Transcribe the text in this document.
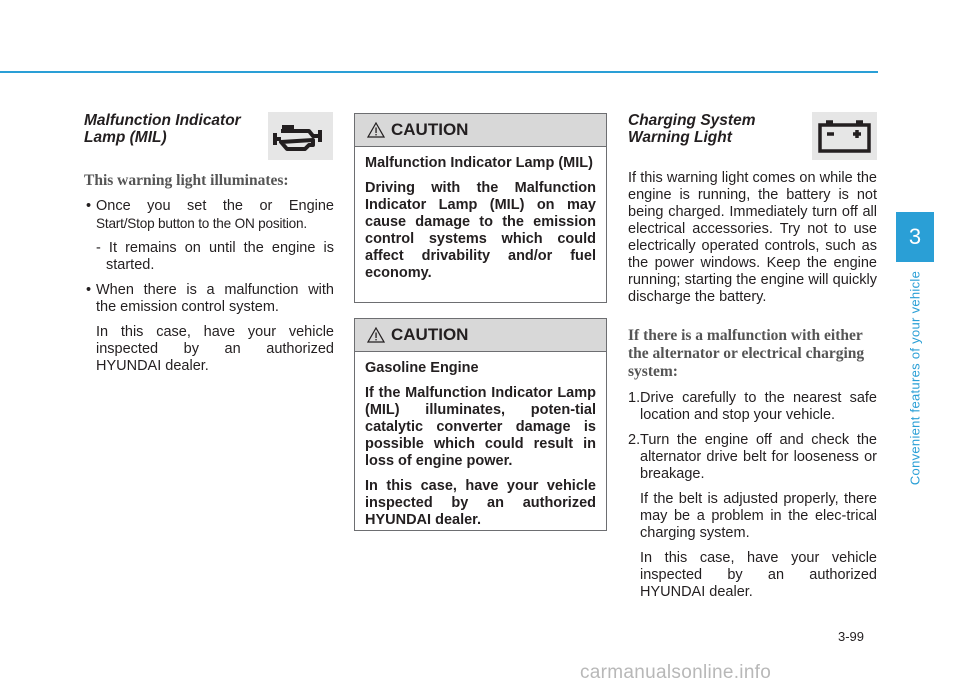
3
Convenient features of your vehicle
Malfunction Indicator
Lamp (MIL)

This warning light illuminates:

• Once you set the or Engine
Start/Stop button to the ON position.
- It remains on until the engine is
started.
• When there is a malfunction with
the emission control system.
In this case, have your vehicle
inspected by an authorized
HYUNDAI dealer.
CAUTION

Malfunction Indicator Lamp (MIL)

Driving with the Malfunction Indicator Lamp (MIL) on may cause damage to the emission control systems which could affect drivability and/or fuel economy.

CAUTION

Gasoline Engine

If the Malfunction Indicator Lamp (MIL) illuminates, poten-tial catalytic converter damage is possible which could result in loss of engine power.

In this case, have your vehicle inspected by an authorized HYUNDAI dealer.

Charging System
Warning Light

If this warning light comes on while the engine is running, the battery is not being charged. Immediately turn off all electrical accessories. Try not to use electrically operated controls, such as the power windows. Keep the engine running; starting the engine will quickly discharge the battery.

If there is a malfunction with either the alternator or electrical charging system:

1. Drive carefully to the nearest safe location and stop your vehicle.
2. Turn the engine off and check the alternator drive belt for looseness or breakage.
If the belt is adjusted properly, there may be a problem in the elec-trical charging system.
In this case, have your vehicle inspected by an authorized HYUNDAI dealer.
3-99
carmanualsonline.info
